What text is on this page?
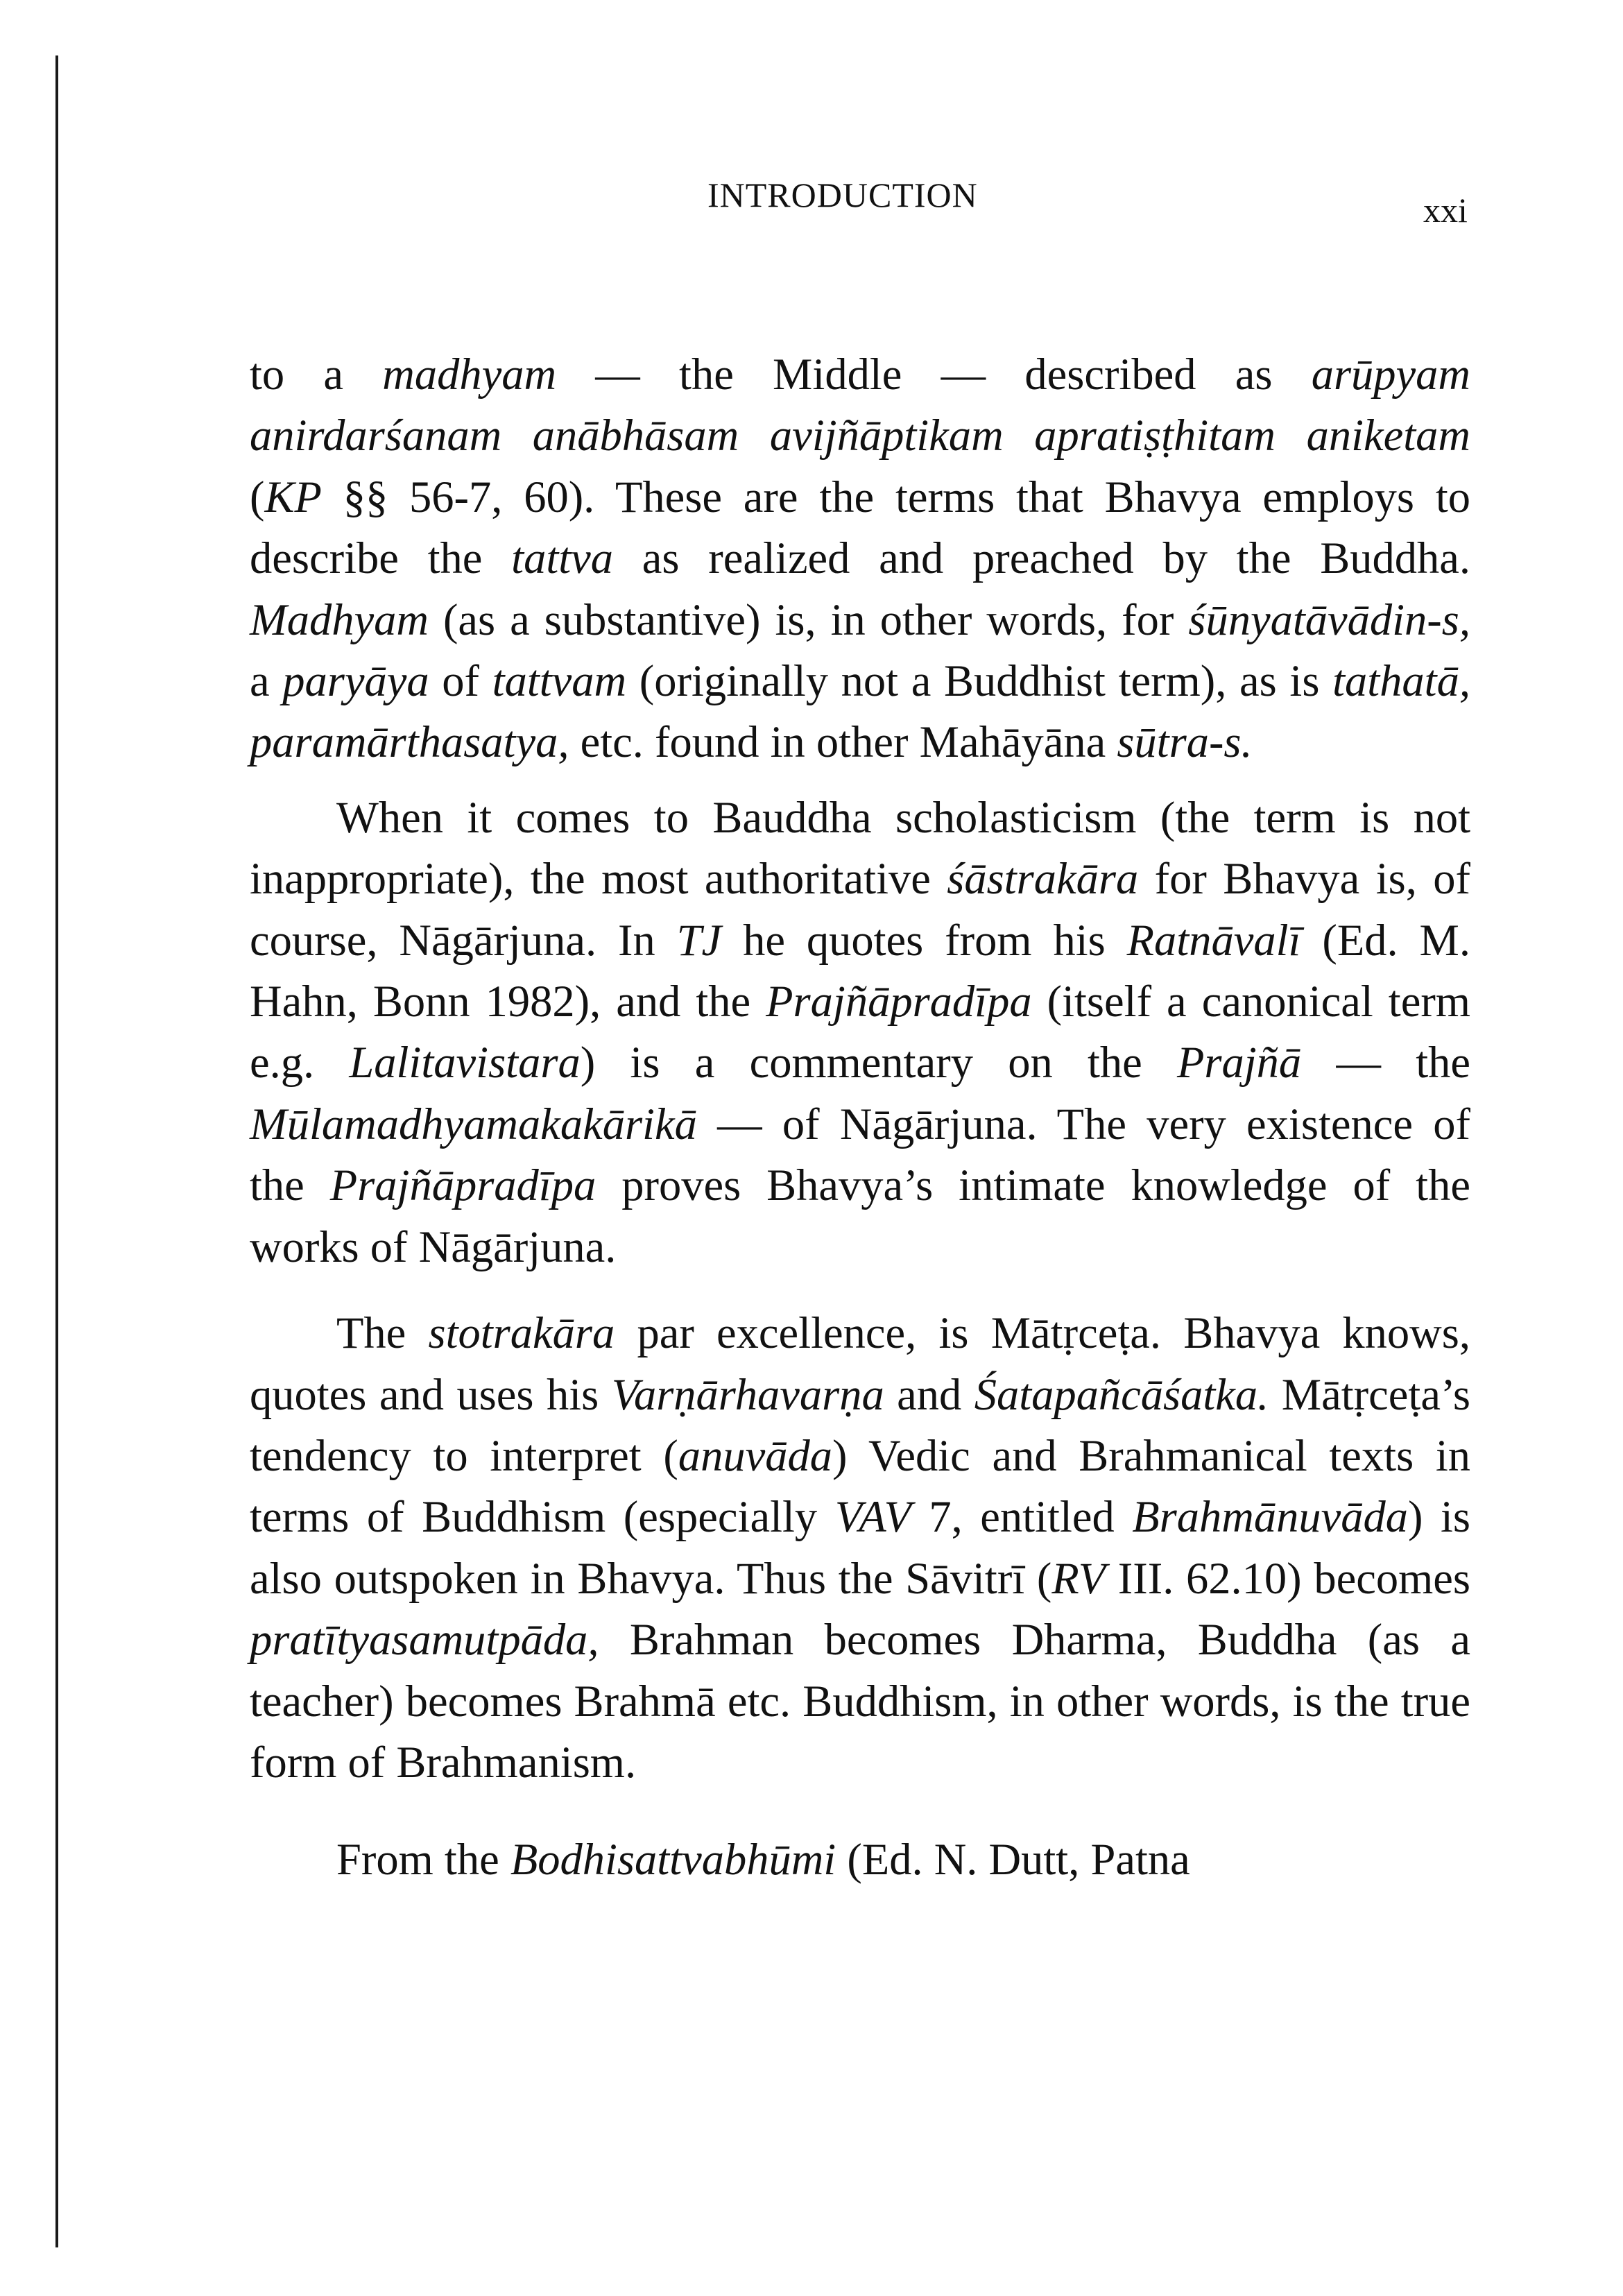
INTRODUCTION	xxi

to a madhyam — the Middle — described as arūpyam anirdarśanam anābhāsam avijñāptikam apratiṣṭhitam aniketam (KP §§ 56-7, 60). These are the terms that Bhavya employs to describe the tattva as realized and preached by the Buddha. Madhyam (as a substantive) is, in other words, for śūnyatāvādin-s, a paryāya of tattvam (originally not a Buddhist term), as is tathatā, paramārthasatya, etc. found in other Mahāyāna sūtra-s.

When it comes to Bauddha scholasticism (the term is not inappropriate), the most authoritative śāstrakāra for Bhavya is, of course, Nāgārjuna. In TJ he quotes from his Ratnāvalī (Ed. M. Hahn, Bonn 1982), and the Prajñāpradīpa (itself a canonical term e.g. Lalitavistara) is a commentary on the Prajñā — the Mūlamadhyamakakārikā — of Nāgārjuna. The very existence of the Prajñāpradīpa proves Bhavya’s intimate knowledge of the works of Nāgārjuna.

The stotrakāra par excellence, is Mātṛceṭa. Bhavya knows, quotes and uses his Varṇārhavarṇa and Śatapañcāśatka. Mātṛceṭa’s tendency to interpret (anuvāda) Vedic and Brahmanical texts in terms of Buddhism (especially VAV 7, entitled Brahmānuvāda) is also outspoken in Bhavya. Thus the Sāvitrī (RV III. 62.10) becomes pratītyasamutpāda, Brahman becomes Dharma, Buddha (as a teacher) becomes Brahmā etc. Buddhism, in other words, is the true form of Brahmanism.

From the Bodhisattvabhūmi (Ed. N. Dutt, Patna
